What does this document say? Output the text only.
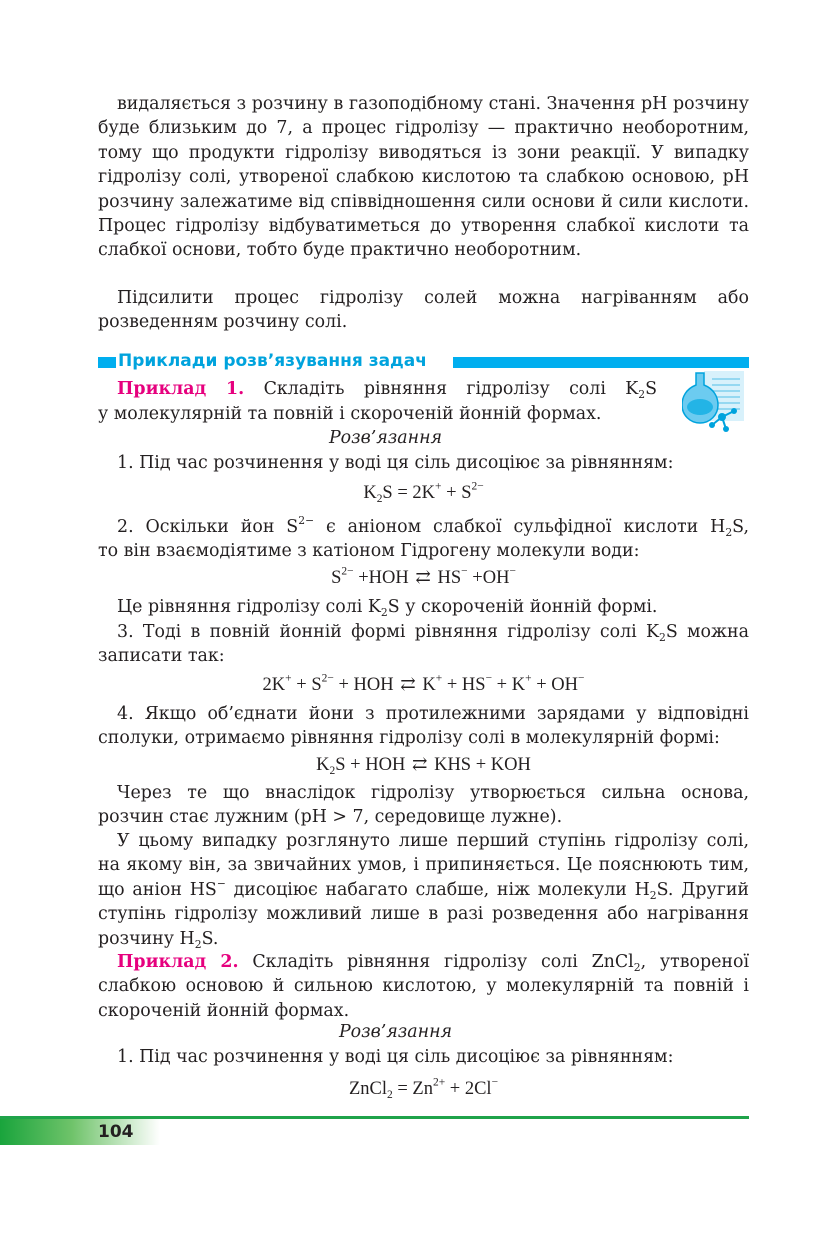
видаляється з розчину в газоподібному стані. Значення pH розчину буде близьким до 7, а процес гідролізу — практично необоротним, тому що продукти гідролізу виводяться із зони реакції. У випадку гідролізу солі, утвореної слабкою кислотою та слабкою основою, pH розчину залежатиме від співвідношення сили основи й сили кислоти. Процес гідролізу відбуватиметься до утворення слабкої кислоти та слабкої основи, тобто буде практично необоротним.

Підсилити процес гідролізу солей можна нагріванням або розведенням розчину солі.

Приклади розв’язування задач
Приклад 1. Складіть рівняння гідролізу солі $K_2S$
у молекулярній та повній і скороченій йонній формах.
Розв’язання
1. Під час розчинення у воді ця сіль дисоціює за рівнянням:
$K_2S = 2K^+ + S^{2-}$
2. Оскільки йон $S^{2-}$ є аніоном слабкої сульфідної кислоти $H_2S$,
то він взаємодіятиме з катіоном Гідрогену молекули води:
$S^{2-} +HOH$ ⇄ HS− +OH−
Це рівняння гідролізу солі $K_2S$ у скороченій йонній формі.
3. Тоді в повній йонній формі рівняння гідролізу солі $K_2S$ можна
записати так:
$2K^+ + S^{2-}$ + HOH ⇄ K+ + HS− + K+ + OH−

4. Якщо об’єднати йони з протилежними зарядами у відповідні сполуки, отримаємо рівняння гідролізу солі в молекулярній формі:

$K_2S$ + HOH ⇄ KHS + KOH

Через те що внаслідок гідролізу утворюється сильна основа, розчин стає лужним (pH > 7, середовище лужне).

У цьому випадку розглянуто лише перший ступінь гідролізу солі, на якому він, за звичайних умов, і припиняється. Це пояснюють тим, що аніон HS− дисоціює набагато слабше, ніж молекули $H_2S$. Другий ступінь гідролізу можливий лише в разі розведення або нагрівання розчину $H_2S$.

Приклад 2. Складіть рівняння гідролізу солі ZnCl$_2$, утвореної слабкою основою й сильною кислотою, у молекулярній та повній і скороченій йонній формах.

Розв’язання
1. Під час розчинення у воді ця сіль дисоціює за рівнянням:
ZnCl$_2$ = $Zn^{2+} + 2Cl^-$
104
